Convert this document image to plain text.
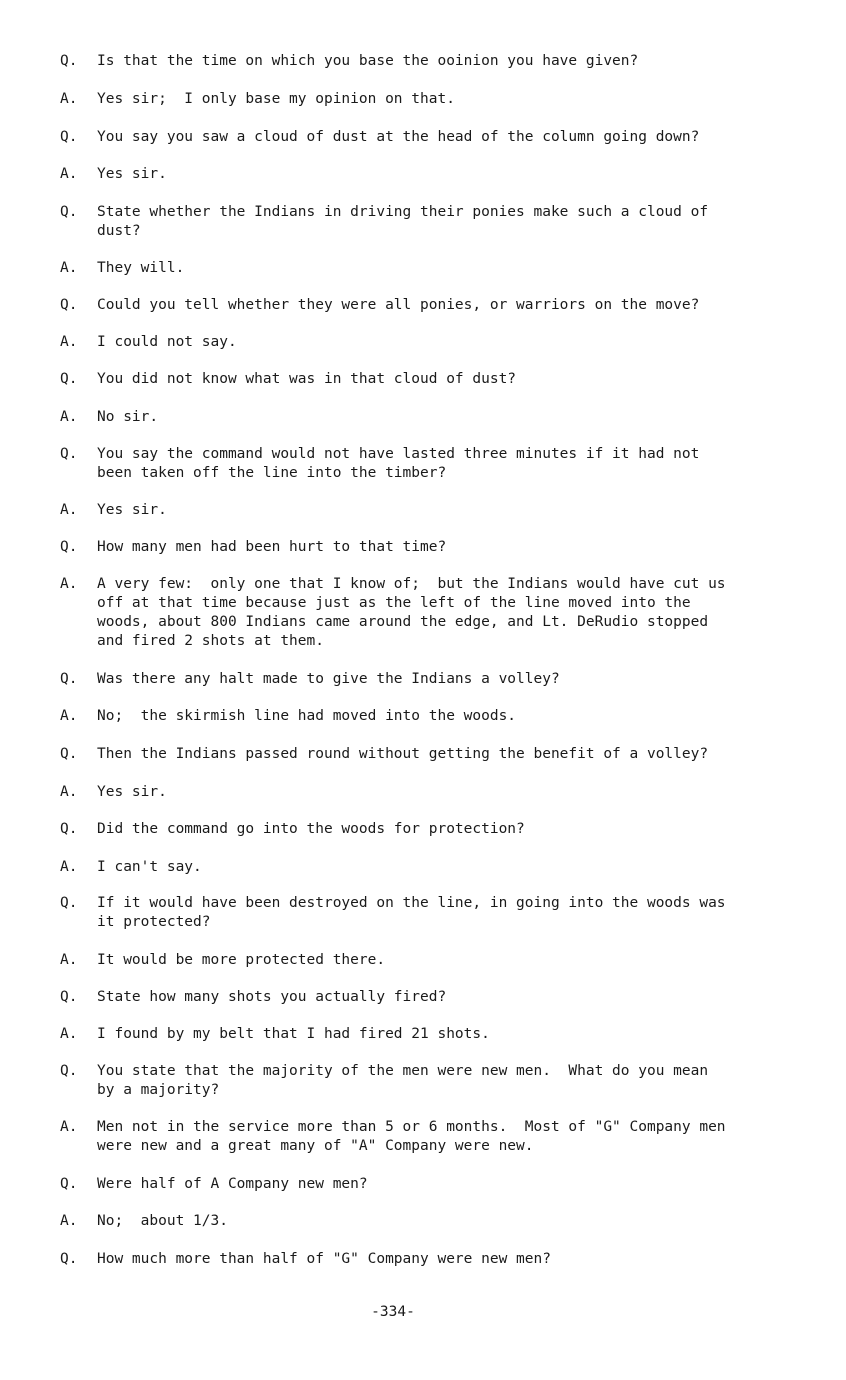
Q.	Is that the time on which you base the ooinion you have given?
A.	Yes sir;  I only base my opinion on that.
Q.	You say you saw a cloud of dust at the head of the column going down?
A.	Yes sir.
Q.	State whether the Indians in driving their ponies make such a cloud of
dust?
A.	They will.
Q.	Could you tell whether they were all ponies, or warriors on the move?
A.	I could not say.
Q.	You did not know what was in that cloud of dust?
A.	No sir.
Q.	You say the command would not have lasted three minutes if it had not
been taken off the line into the timber?
A.	Yes sir.
Q.	How many men had been hurt to that time?
A.	A very few:  only one that I know of;  but the Indians would have cut us
off at that time because just as the left of the line moved into the
woods, about 800 Indians came around the edge, and Lt. DeRudio stopped
and fired 2 shots at them.
Q.	Was there any halt made to give the Indians a volley?
A.	No;  the skirmish line had moved into the woods.
Q.	Then the Indians passed round without getting the benefit of a volley?
A.	Yes sir.
Q.	Did the command go into the woods for protection?
A.	I can't say.
Q.	If it would have been destroyed on the line, in going into the woods was
it protected?
A.	It would be more protected there.
Q.	State how many shots you actually fired?
A.	I found by my belt that I had fired 21 shots.
Q.	You state that the majority of the men were new men.  What do you mean
by a majority?
A.	Men not in the service more than 5 or 6 months.  Most of "G" Company men
were new and a great many of "A" Company were new.
Q.	Were half of A Company new men?
A.	No;  about 1/3.
Q.	How much more than half of "G" Company were new men?
-334-
